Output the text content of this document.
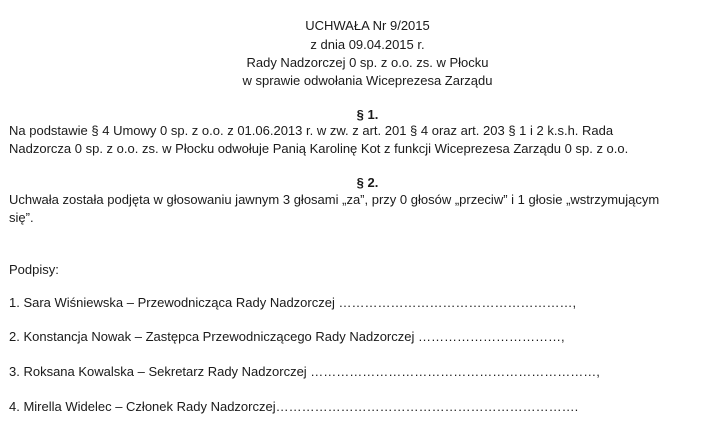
UCHWAŁA Nr 9/2015
z dnia 09.04.2015 r.
Rady Nadzorczej 0 sp. z o.o. zs. w Płocku
w sprawie odwołania Wiceprezesa Zarządu
§ 1.
Na podstawie § 4 Umowy 0 sp. z o.o. z 01.06.2013 r. w zw. z art. 201 § 4 oraz art. 203 § 1 i 2 k.s.h. Rada
Nadzorcza 0 sp. z o.o. zs. w Płocku odwołuje Panią Karolinę Kot z funkcji Wiceprezesa Zarządu 0 sp. z o.o.
§ 2.
Uchwała została podjęta w głosowaniu jawnym 3 głosami „za”, przy 0 głosów „przeciw” i 1 głosie „wstrzymującym
się”.
Podpisy:
1. Sara Wiśniewska – Przewodnicząca Rady Nadzorczej ………………………………………………,
2. Konstancja Nowak – Zastępca Przewodniczącego Rady Nadzorczej ……………………………,
3. Roksana Kowalska – Sekretarz Rady Nadzorczej …………………………………………………………,
4. Mirella Widelec – Członek Rady Nadzorczej…………………………………………………………….
